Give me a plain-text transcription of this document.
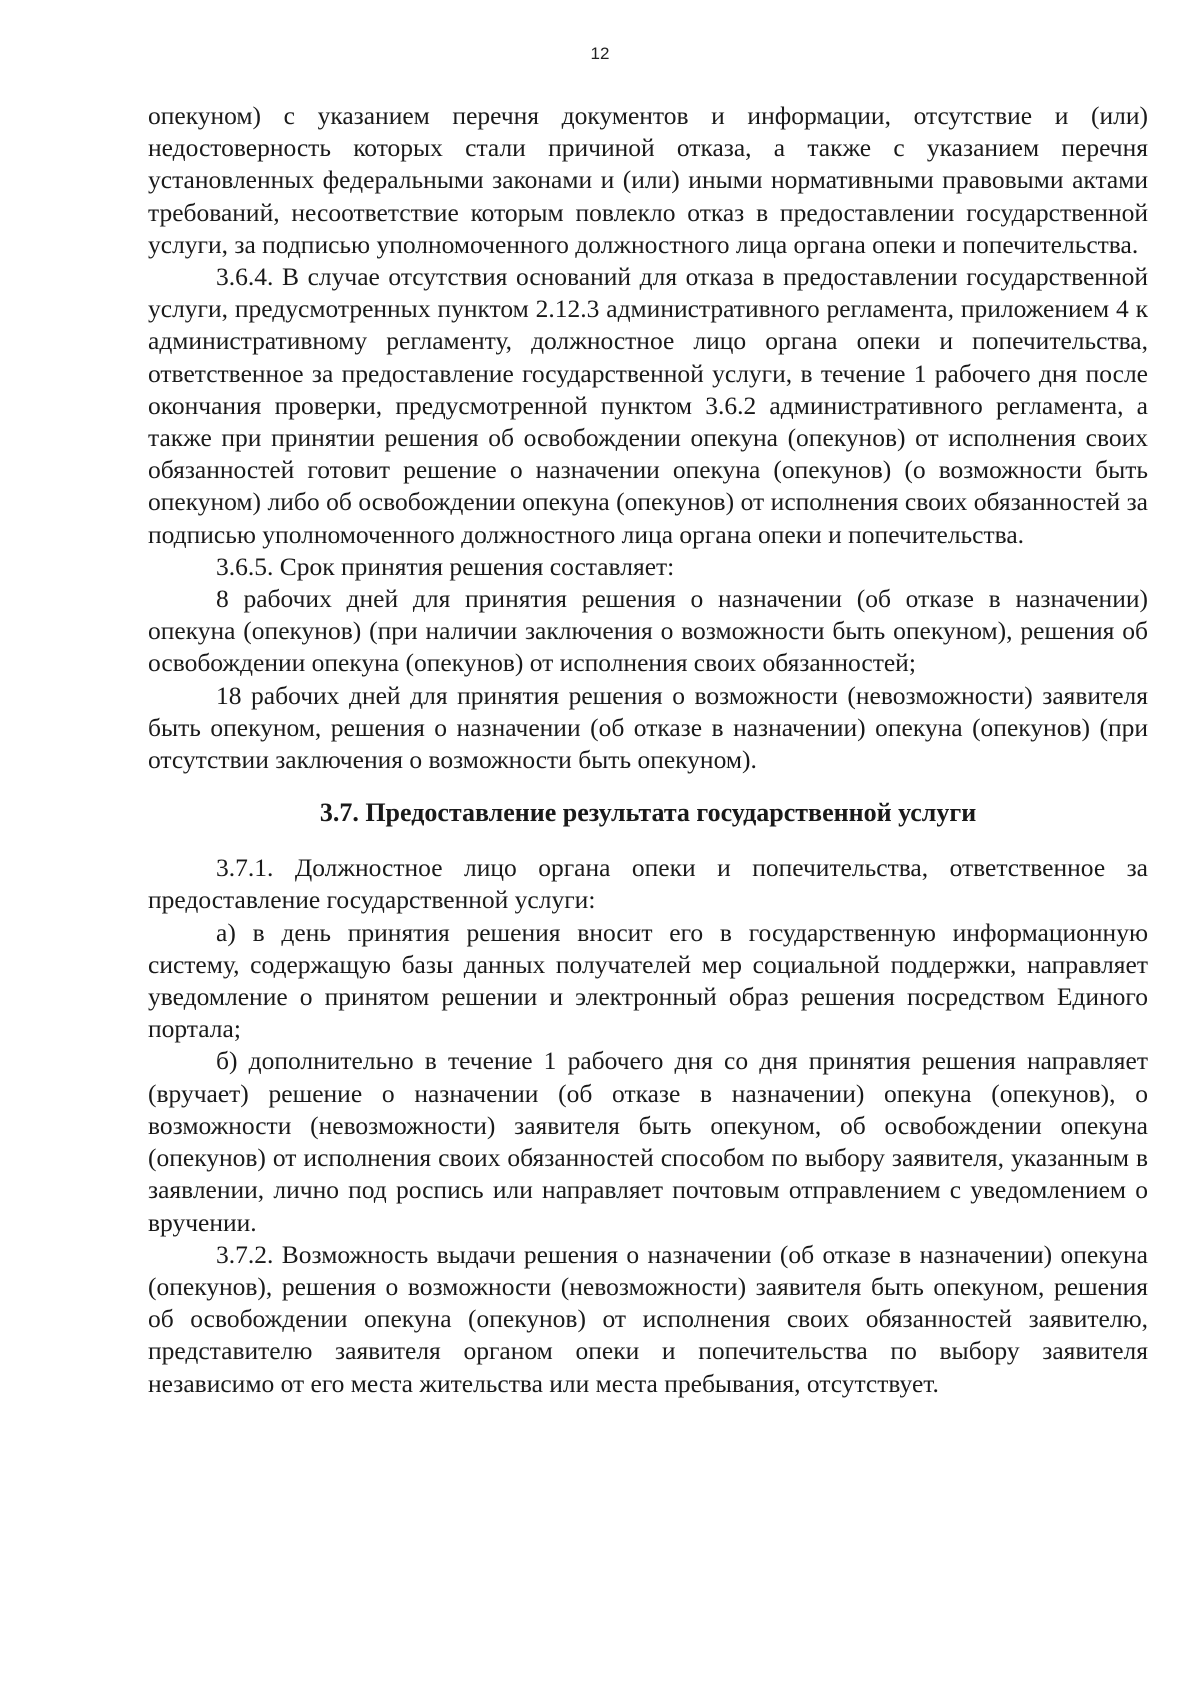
12

опекуном) с указанием перечня документов и информации, отсутствие и (или) недостоверность которых стали причиной отказа, а также с указанием перечня установленных федеральными законами и (или) иными нормативными правовыми актами требований, несоответствие которым повлекло отказ в предоставлении государственной услуги, за подписью уполномоченного должностного лица органа опеки и попечительства.

3.6.4. В случае отсутствия оснований для отказа в предоставлении государственной услуги, предусмотренных пунктом 2.12.3 административного регламента, приложением 4 к административному регламенту, должностное лицо органа опеки и попечительства, ответственное за предоставление государственной услуги, в течение 1 рабочего дня после окончания проверки, предусмотренной пунктом 3.6.2 административного регламента, а также при принятии решения об освобождении опекуна (опекунов) от исполнения своих обязанностей готовит решение о назначении опекуна (опекунов) (о возможности быть опекуном) либо об освобождении опекуна (опекунов) от исполнения своих обязанностей за подписью уполномоченного должностного лица органа опеки и попечительства.

3.6.5. Срок принятия решения составляет:

8 рабочих дней для принятия решения о назначении (об отказе в назначении) опекуна (опекунов) (при наличии заключения о возможности быть опекуном), решения об освобождении опекуна (опекунов) от исполнения своих обязанностей;

18 рабочих дней для принятия решения о возможности (невозможности) заявителя быть опекуном, решения о назначении (об отказе в назначении) опекуна (опекунов) (при отсутствии заключения о возможности быть опекуном).

3.7. Предоставление результата государственной услуги

3.7.1. Должностное лицо органа опеки и попечительства, ответственное за предоставление государственной услуги:

а) в день принятия решения вносит его в государственную информационную систему, содержащую базы данных получателей мер социальной поддержки, направляет уведомление о принятом решении и электронный образ решения посредством Единого портала;

б) дополнительно в течение 1 рабочего дня со дня принятия решения направляет (вручает) решение о назначении (об отказе в назначении) опекуна (опекунов), о возможности (невозможности) заявителя быть опекуном, об освобождении опекуна (опекунов) от исполнения своих обязанностей способом по выбору заявителя, указанным в заявлении, лично под роспись или направляет почтовым отправлением с уведомлением о вручении.

3.7.2. Возможность выдачи решения о назначении (об отказе в назначении) опекуна (опекунов), решения о возможности (невозможности) заявителя быть опекуном, решения об освобождении опекуна (опекунов) от исполнения своих обязанностей заявителю, представителю заявителя органом опеки и попечительства по выбору заявителя независимо от его места жительства или места пребывания, отсутствует.
